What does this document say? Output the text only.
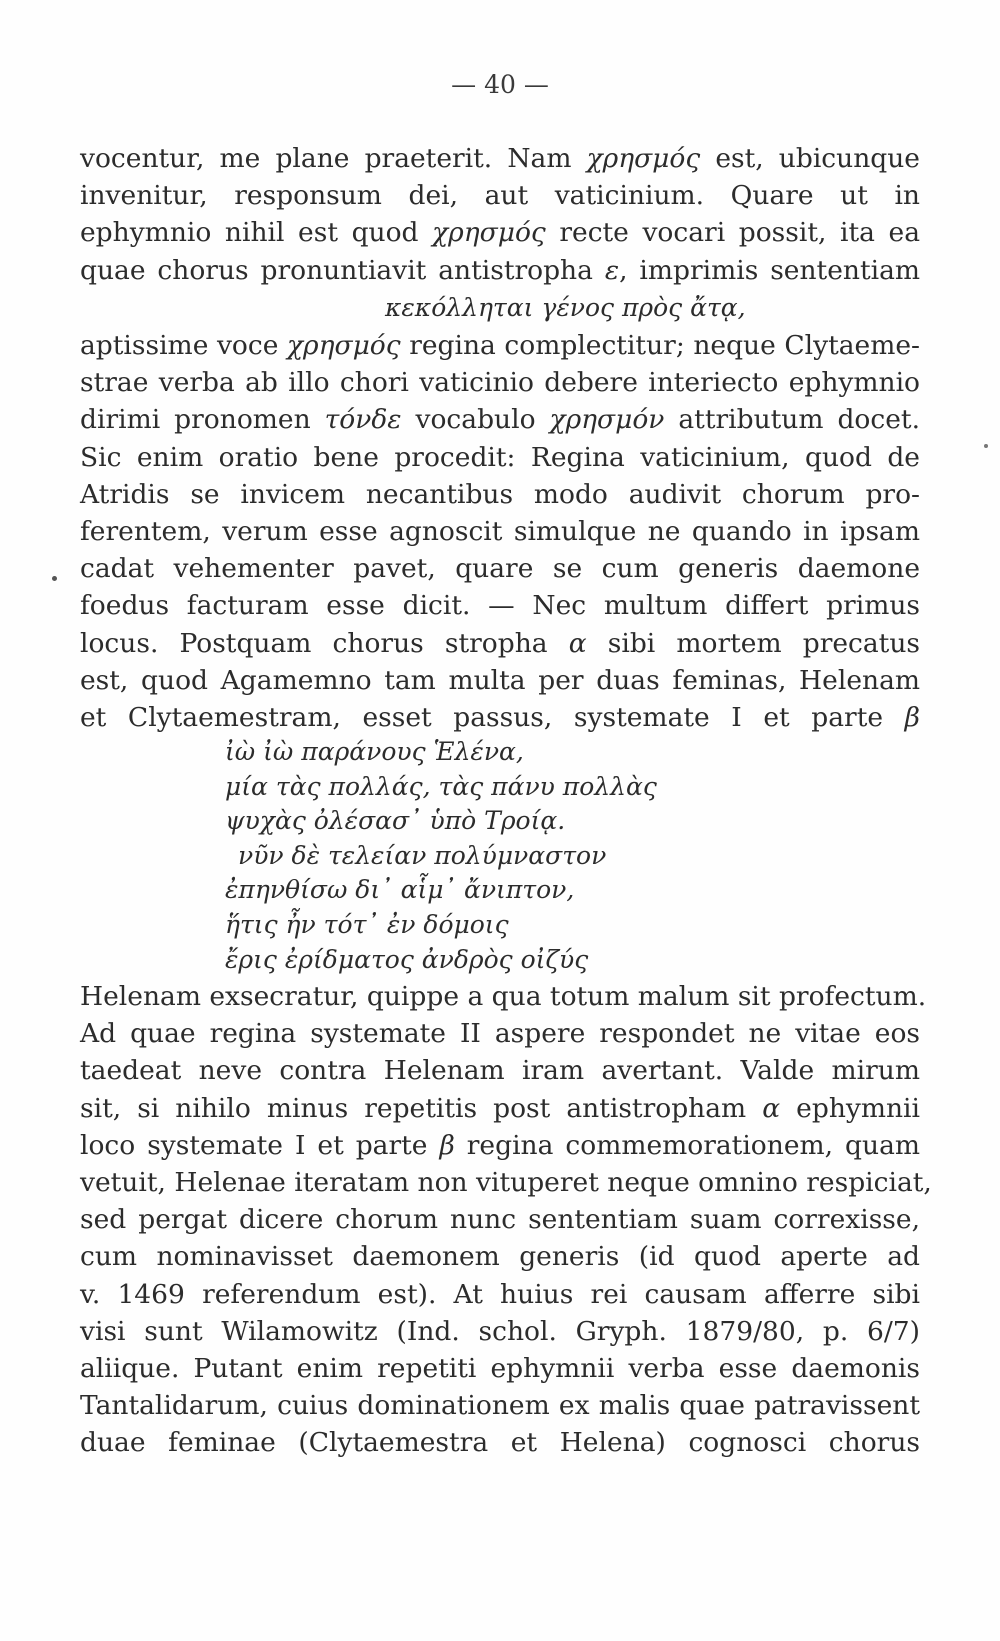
— 40 —
vocentur, me plane praeterit. Nam χρησμός est, ubicunque
invenitur, responsum dei, aut vaticinium. Quare ut in
ephymnio nihil est quod χρησμός recte vocari possit, ita ea
quae chorus pronuntiavit antistropha ε, imprimis sententiam
κεκόλληται γένος πρὸς ἄτᾳ,
aptissime voce χρησμός regina complectitur; neque Clytaeme-
strae verba ab illo chori vaticinio debere interiecto ephymnio
dirimi pronomen τόνδε vocabulo χρησμόν attributum docet.
Sic enim oratio bene procedit: Regina vaticinium, quod de
Atridis se invicem necantibus modo audivit chorum pro-
ferentem, verum esse agnoscit simulque ne quando in ipsam
cadat vehementer pavet, quare se cum generis daemone
foedus facturam esse dicit. — Nec multum differt primus
locus. Postquam chorus stropha α sibi mortem precatus
est, quod Agamemno tam multa per duas feminas, Helenam
et Clytaemestram, esset passus, systemate I et parte β
ἰὼ ἰὼ παράνους Ἑλένα,
μία τὰς πολλάς, τὰς πάνυ πολλὰς
ψυχὰς ὀλέσασ᾽ ὑπὸ Τροίᾳ.
νῦν δὲ τελείαν πολύμναστον
ἐπηνθίσω δι᾽ αἷμ᾽ ἄνιπτον,
ἥτις ἦν τότ᾽ ἐν δόμοις
ἔρις ἐρίδματος ἀνδρὸς οἰζύς
Helenam exsecratur, quippe a qua totum malum sit profectum.
Ad quae regina systemate II aspere respondet ne vitae eos
taedeat neve contra Helenam iram avertant. Valde mirum
sit, si nihilo minus repetitis post antistropham α ephymnii
loco systemate I et parte β regina commemorationem, quam
vetuit, Helenae iteratam non vituperet neque omnino respiciat,
sed pergat dicere chorum nunc sententiam suam correxisse,
cum nominavisset daemonem generis (id quod aperte ad
v. 1469 referendum est). At huius rei causam afferre sibi
visi sunt Wilamowitz (Ind. schol. Gryph. 1879/80, p. 6/7)
aliique. Putant enim repetiti ephymnii verba esse daemonis
Tantalidarum, cuius dominationem ex malis quae patravissent
duae feminae (Clytaemestra et Helena) cognosci chorus
